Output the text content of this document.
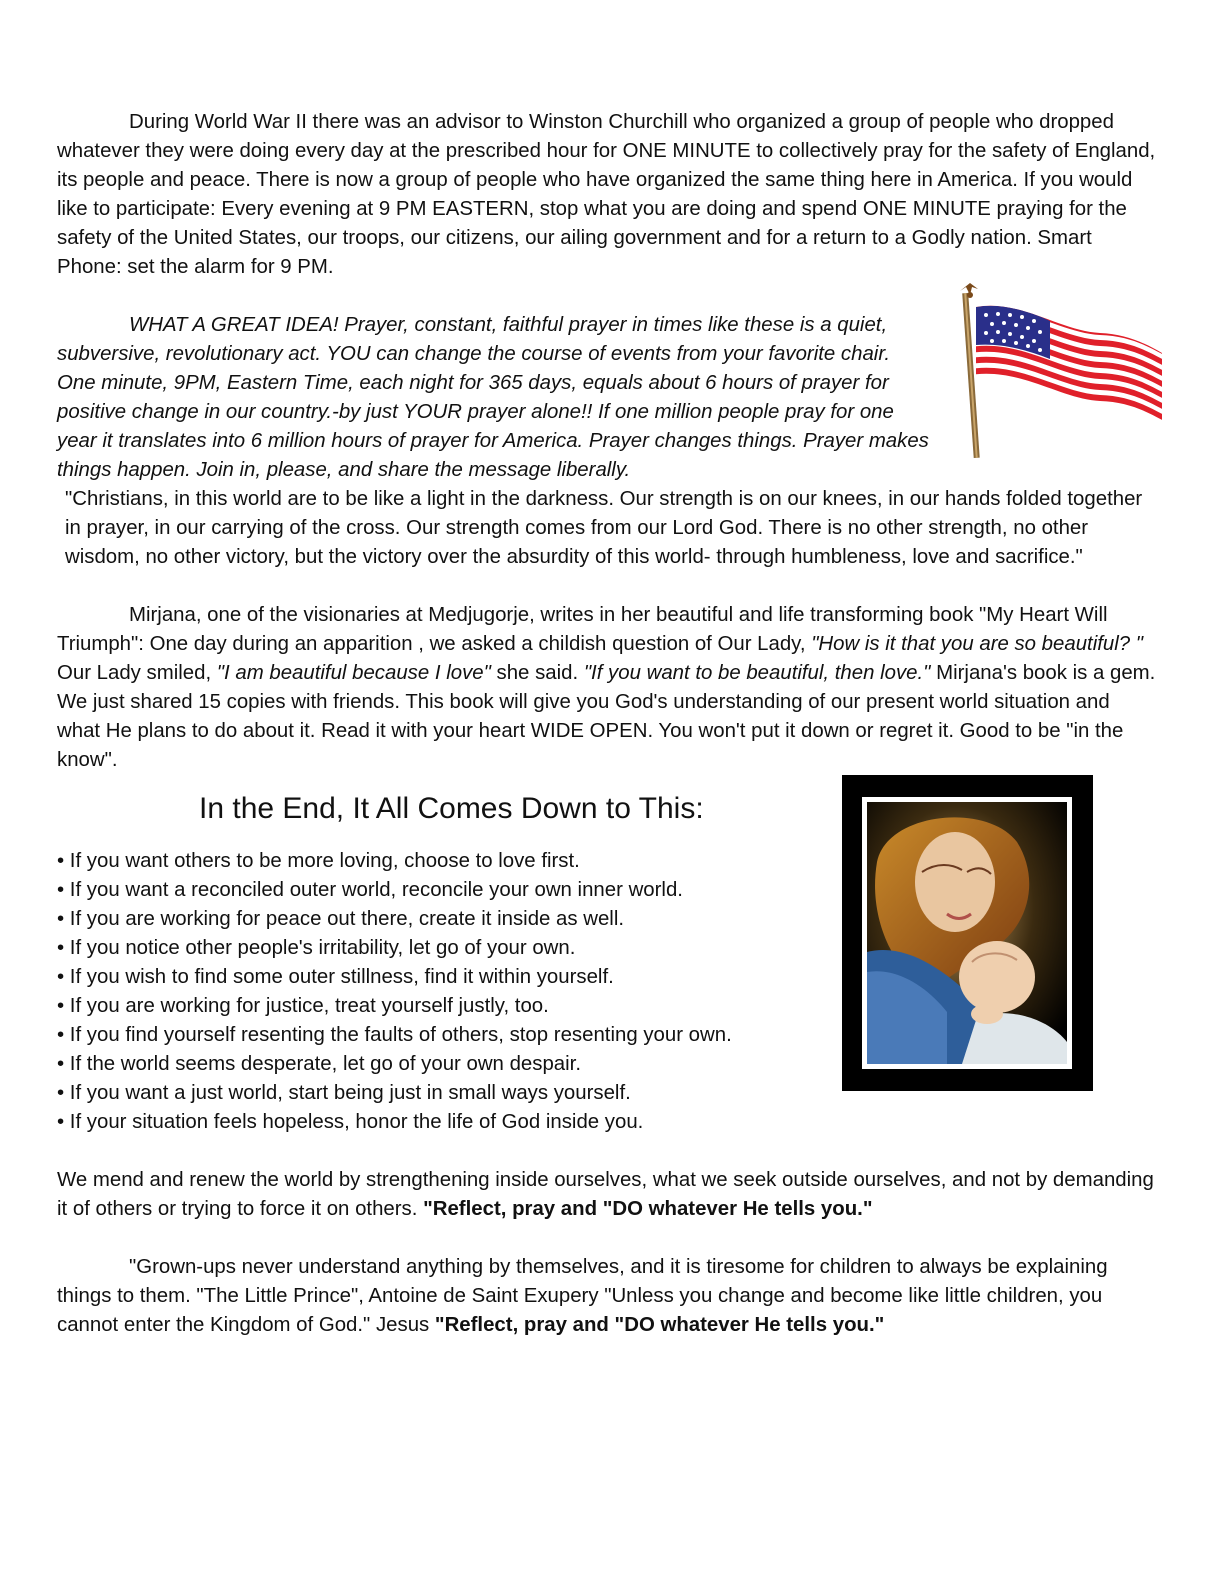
During World War II there was an advisor to Winston Churchill who organized a group of people who dropped whatever they were doing every day at the prescribed hour for ONE MINUTE to collectively pray for the safety of England, its people and peace. There is now a group of people who have organized the same thing here in America. If you would like to participate: Every evening at 9 PM EASTERN, stop what you are doing and spend ONE MINUTE praying for the safety of the United States, our troops, our citizens, our ailing government and for a return to a Godly nation. Smart Phone: set the alarm for 9 PM.

WHAT A GREAT IDEA! Prayer, constant, faithful prayer in times like these is a quiet, subversive, revolutionary act. YOU can change the course of events from your favorite chair. One minute, 9PM, Eastern Time, each night for 365 days, equals about 6 hours of prayer for positive change in our country.-by just YOUR prayer alone!! If one million people pray for one year it translates into 6 million hours of prayer for America. Prayer changes things. Prayer makes things happen. Join in, please, and share the message liberally.

"Christians, in this world are to be like a light in the darkness. Our strength is on our knees, in our hands folded together in prayer, in our carrying of the cross. Our strength comes from our Lord God. There is no other strength, no other wisdom, no other victory, but the victory over the absurdity of this world- through humbleness, love and sacrifice."

Mirjana, one of the visionaries at Medjugorje, writes in her beautiful and life transforming book "My Heart Will Triumph": One day during an apparition , we asked a childish question of Our Lady, "How is it that you are so beautiful? " Our Lady smiled, "I am beautiful because I love" she said. "If you want to be beautiful, then love." Mirjana's book is a gem. We just shared 15 copies with friends. This book will give you God's understanding of our present world situation and what He plans to do about it. Read it with your heart WIDE OPEN. You won't put it down or regret it. Good to be "in the know".

In the End, It All Comes Down to This:
• If you want others to be more loving, choose to love first.
• If you want a reconciled outer world, reconcile your own inner world.
• If you are working for peace out there, create it inside as well.
• If you notice other people's irritability, let go of your own.
• If you wish to find some outer stillness, find it within yourself.
• If you are working for justice, treat yourself justly, too.
• If you find yourself resenting the faults of others, stop resenting your own.
• If the world seems desperate, let go of your own despair.
• If you want a just world, start being just in small ways yourself.
• If your situation feels hopeless, honor the life of God inside you.

We mend and renew the world by strengthening inside ourselves, what we seek outside ourselves, and not by demanding it of others or trying to force it on others. "Reflect, pray and "DO whatever He tells you."

"Grown-ups never understand anything by themselves, and it is tiresome for children to always be explaining things to them. "The Little Prince", Antoine de Saint Exupery "Unless you change and become like little children, you cannot enter the Kingdom of God." Jesus "Reflect, pray and "DO whatever He tells you."
